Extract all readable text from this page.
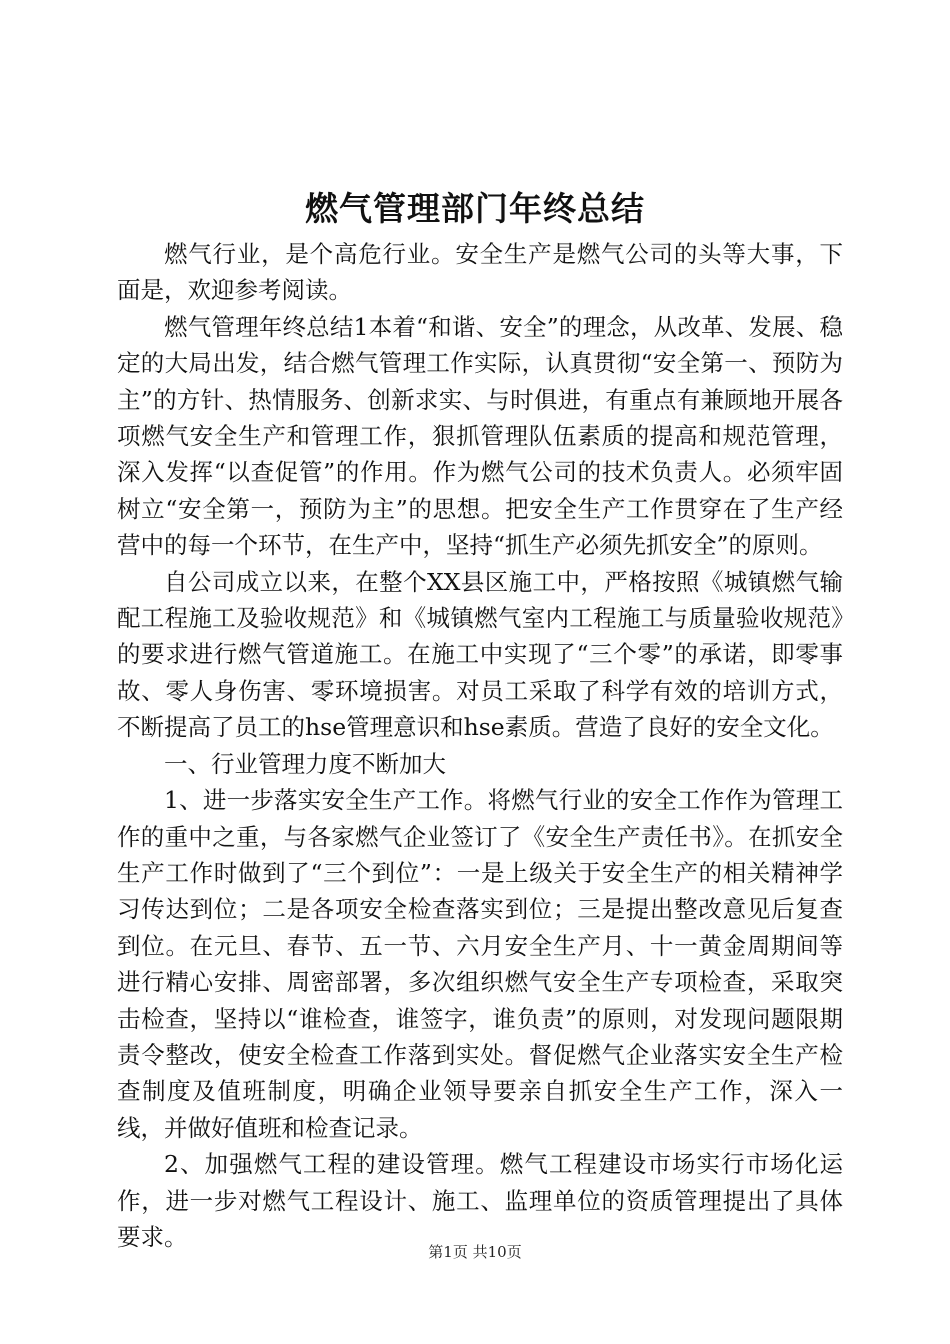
燃气管理部门年终总结

燃气行业，是个高危行业。安全生产是燃气公司的头等大事，下面是，欢迎参考阅读。

燃气管理年终总结1本着“和谐、安全”的理念，从改革、发展、稳定的大局出发，结合燃气管理工作实际，认真贯彻“安全第一、预防为主”的方针、热情服务、创新求实、与时俱进，有重点有兼顾地开展各项燃气安全生产和管理工作，狠抓管理队伍素质的提高和规范管理，深入发挥“以查促管”的作用。作为燃气公司的技术负责人。必须牢固树立“安全第一，预防为主”的思想。把安全生产工作贯穿在了生产经营中的每一个环节，在生产中，坚持“抓生产必须先抓安全”的原则。

自公司成立以来，在整个XX县区施工中，严格按照《城镇燃气输配工程施工及验收规范》和《城镇燃气室内工程施工与质量验收规范》的要求进行燃气管道施工。在施工中实现了“三个零”的承诺，即零事故、零人身伤害、零环境损害。对员工采取了科学有效的培训方式，不断提高了员工的hse管理意识和hse素质。营造了良好的安全文化。

一、行业管理力度不断加大

1、进一步落实安全生产工作。将燃气行业的安全工作作为管理工作的重中之重，与各家燃气企业签订了《安全生产责任书》。在抓安全生产工作时做到了“三个到位”：一是上级关于安全生产的相关精神学习传达到位；二是各项安全检查落实到位；三是提出整改意见后复查到位。在元旦、春节、五一节、六月安全生产月、十一黄金周期间等进行精心安排、周密部署，多次组织燃气安全生产专项检查，采取突击检查，坚持以“谁检查，谁签字，谁负责”的原则，对发现问题限期责令整改，使安全检查工作落到实处。督促燃气企业落实安全生产检查制度及值班制度，明确企业领导要亲自抓安全生产工作，深入一线，并做好值班和检查记录。

2、加强燃气工程的建设管理。燃气工程建设市场实行市场化运作，进一步对燃气工程设计、施工、监理单位的资质管理提出了具体要求。

第1页 共10页
